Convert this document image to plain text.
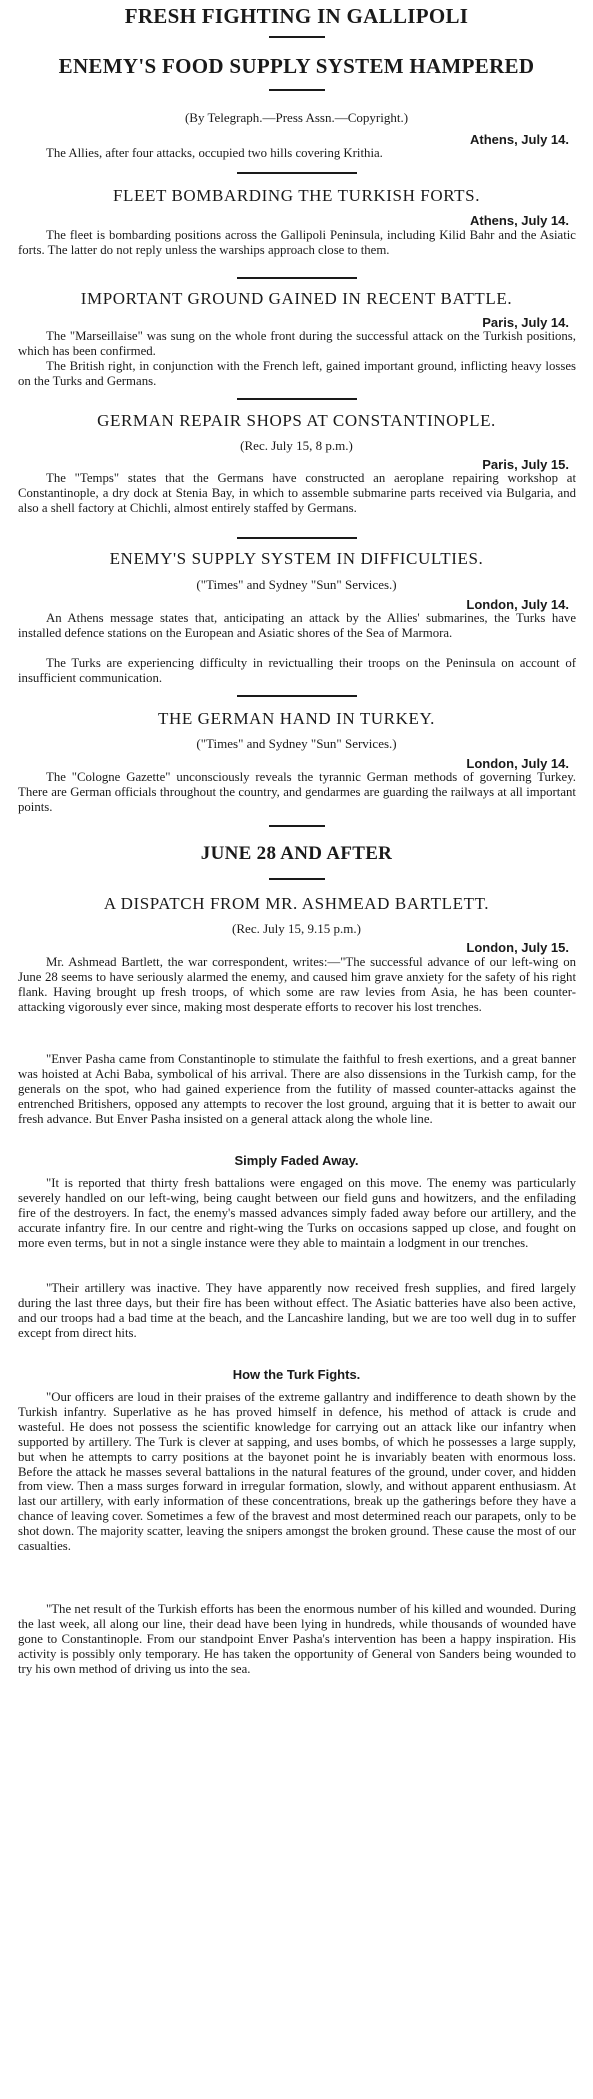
FRESH FIGHTING IN GALLIPOLI
ENEMY'S FOOD SUPPLY SYSTEM HAMPERED
(By Telegraph.—Press Assn.—Copyright.)
Athens, July 14.

The Allies, after four attacks, occupied two hills covering Krithia.

FLEET BOMBARDING THE TURKISH FORTS.
Athens, July 14.

The fleet is bombarding positions across the Gallipoli Peninsula, including Kilid Bahr and the Asiatic forts. The latter do not reply unless the warships approach close to them.

IMPORTANT GROUND GAINED IN RECENT BATTLE.
Paris, July 14.

The "Marseillaise" was sung on the whole front during the successful attack on the Turkish positions, which has been confirmed.

The British right, in conjunction with the French left, gained important ground, inflicting heavy losses on the Turks and Germans.

GERMAN REPAIR SHOPS AT CONSTANTINOPLE.
(Rec. July 15, 8 p.m.)
Paris, July 15.

The "Temps" states that the Germans have constructed an aeroplane repairing workshop at Constantinople, a dry dock at Stenia Bay, in which to assemble submarine parts received via Bulgaria, and also a shell factory at Chichli, almost entirely staffed by Germans.

ENEMY'S SUPPLY SYSTEM IN DIFFICULTIES.
("Times" and Sydney "Sun" Services.)
London, July 14.

An Athens message states that, anticipating an attack by the Allies' submarines, the Turks have installed defence stations on the European and Asiatic shores of the Sea of Marmora.

The Turks are experiencing difficulty in revictualling their troops on the Peninsula on account of insufficient communication.

THE GERMAN HAND IN TURKEY.
("Times" and Sydney "Sun" Services.)
London, July 14.

The "Cologne Gazette" unconsciously reveals the tyrannic German methods of governing Turkey. There are German officials throughout the country, and gendarmes are guarding the railways at all important points.

JUNE 28 AND AFTER
A DISPATCH FROM MR. ASHMEAD BARTLETT.
(Rec. July 15, 9.15 p.m.)
London, July 15.

Mr. Ashmead Bartlett, the war correspondent, writes:—"The successful advance of our left-wing on June 28 seems to have seriously alarmed the enemy, and caused him grave anxiety for the safety of his right flank. Having brought up fresh troops, of which some are raw levies from Asia, he has been counter-attacking vigorously ever since, making most desperate efforts to recover his lost trenches.

"Enver Pasha came from Constantinople to stimulate the faithful to fresh exertions, and a great banner was hoisted at Achi Baba, symbolical of his arrival. There are also dissensions in the Turkish camp, for the generals on the spot, who had gained experience from the futility of massed counter-attacks against the entrenched Britishers, opposed any attempts to recover the lost ground, arguing that it is better to await our fresh advance. But Enver Pasha insisted on a general attack along the whole line.

Simply Faded Away.

"It is reported that thirty fresh battalions were engaged on this move. The enemy was particularly severely handled on our left-wing, being caught between our field guns and howitzers, and the enfilading fire of the destroyers. In fact, the enemy's massed advances simply faded away before our artillery, and the accurate infantry fire. In our centre and right-wing the Turks on occasions sapped up close, and fought on more even terms, but in not a single instance were they able to maintain a lodgment in our trenches.

"Their artillery was inactive. They have apparently now received fresh supplies, and fired largely during the last three days, but their fire has been without effect. The Asiatic batteries have also been active, and our troops had a bad time at the beach, and the Lancashire landing, but we are too well dug in to suffer except from direct hits.

How the Turk Fights.

"Our officers are loud in their praises of the extreme gallantry and indifference to death shown by the Turkish infantry. Superlative as he has proved himself in defence, his method of attack is crude and wasteful. He does not possess the scientific knowledge for carrying out an attack like our infantry when supported by artillery. The Turk is clever at sapping, and uses bombs, of which he possesses a large supply, but when he attempts to carry positions at the bayonet point he is invariably beaten with enormous loss. Before the attack he masses several battalions in the natural features of the ground, under cover, and hidden from view. Then a mass surges forward in irregular formation, slowly, and without apparent enthusiasm. At last our artillery, with early information of these concentrations, break up the gatherings before they have a chance of leaving cover. Sometimes a few of the bravest and most determined reach our parapets, only to be shot down. The majority scatter, leaving the snipers amongst the broken ground. These cause the most of our casualties.

"The net result of the Turkish efforts has been the enormous number of his killed and wounded. During the last week, all along our line, their dead have been lying in hundreds, while thousands of wounded have gone to Constantinople. From our standpoint Enver Pasha's intervention has been a happy inspiration. His activity is possibly only temporary. He has taken the opportunity of General von Sanders being wounded to try his own method of driving us into the sea.
